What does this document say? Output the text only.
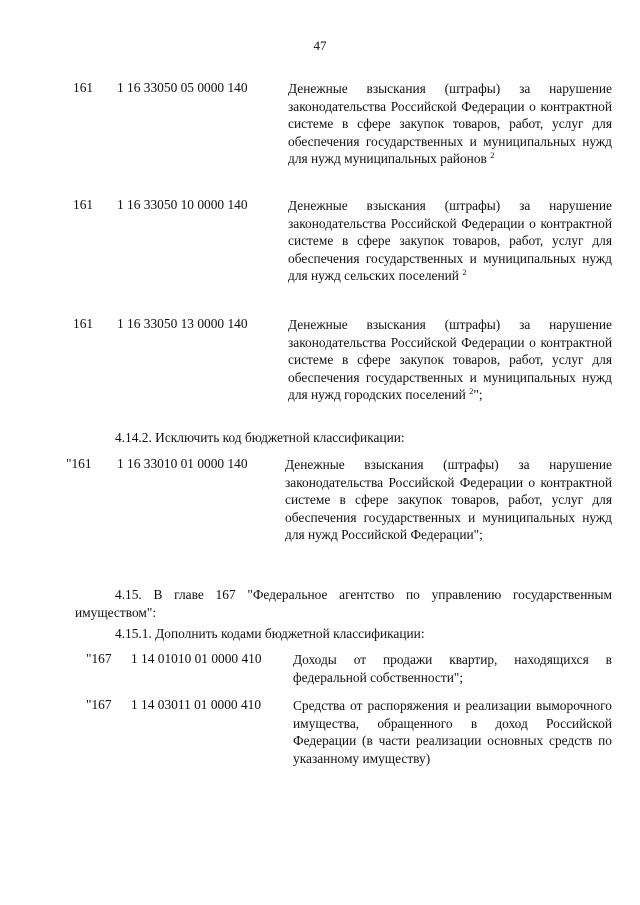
47
161 1 16 33050 05 0000 140	Денежные взыскания (штрафы) за нарушение законодательства Российской Федерации о контрактной системе в сфере закупок товаров, работ, услуг для обеспечения государственных и муниципальных нужд для нужд муниципальных районов $^2$
161 1 16 33050 10 0000 140	Денежные взыскания (штрафы) за нарушение законодательства Российской Федерации о контрактной системе в сфере закупок товаров, работ, услуг для обеспечения государственных и муниципальных нужд для нужд сельских поселений $^2$
161 1 16 33050 13 0000 140	Денежные взыскания (штрафы) за нарушение законодательства Российской Федерации о контрактной системе в сфере закупок товаров, работ, услуг для обеспечения государственных и муниципальных нужд для нужд городских поселений $^2$";
4.14.2. Исключить код бюджетной классификации:
"161 1 16 33010 01 0000 140	Денежные взыскания (штрафы) за нарушение законодательства Российской Федерации о контрактной системе в сфере закупок товаров, работ, услуг для обеспечения государственных и муниципальных нужд для нужд Российской Федерации";
4.15. В главе 167 "Федеральное агентство по управлению государственным имуществом":
4.15.1. Дополнить кодами бюджетной классификации:
"167 1 14 01010 01 0000 410 Доходы от продажи квартир, находящихся в федеральной собственности";
"167 1 14 03011 01 0000 410 Средства от распоряжения и реализации выморочного имущества, обращенного в доход Российской Федерации (в части реализации основных средств по указанному имуществу)
